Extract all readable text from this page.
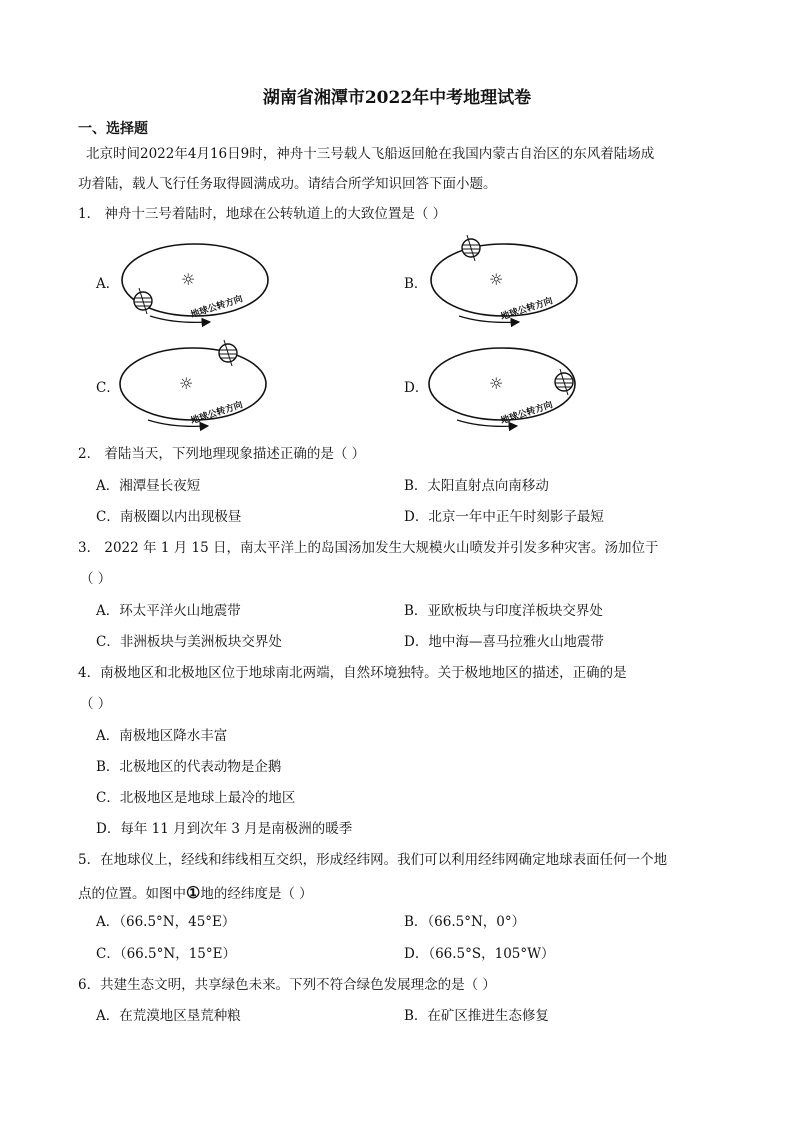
湖南省湘潭市2022年中考地理试卷
一、选择题
北京时间2022年4月16日9时，神舟十三号载人飞船返回舱在我国内蒙古自治区的东风着陆场成
功着陆，载人飞行任务取得圆满成功。请结合所学知识回答下面小题。
1． 神舟十三号着陆时，地球在公转轨道上的大致位置是（ ）
A．	B．
C．	D．
☼
地球公转方向
☼
地球公转方向
☼
地球公转方向
☼
地球公转方向
2． 着陆当天，下列地理现象描述正确的是（ ）
A．湘潭昼长夜短	B．太阳直射点向南移动
C．南极圈以内出现极昼	D．北京一年中正午时刻影子最短
3． 2022 年 1 月 15 日，南太平洋上的岛国汤加发生大规模火山喷发并引发多种灾害。汤加位于
（ ）
A．环太平洋火山地震带	B．亚欧板块与印度洋板块交界处
C．非洲板块与美洲板块交界处	D．地中海—喜马拉雅火山地震带
4．南极地区和北极地区位于地球南北两端，自然环境独特。关于极地地区的描述，正确的是
（ ）
A．南极地区降水丰富
B．北极地区的代表动物是企鹅
C．北极地区是地球上最冷的地区
D．每年 11 月到次年 3 月是南极洲的暖季
5．在地球仪上，经线和纬线相互交织，形成经纬网。我们可以利用经纬网确定地球表面任何一个地
点的位置。如图中①地的经纬度是（ ）
A．（66.5°N，45°E）	B．（66.5°N，0°）
C．（66.5°N，15°E）	D．（66.5°S，105°W）
6．共建生态文明，共享绿色未来。下列不符合绿色发展理念的是（ ）
A．在荒漠地区垦荒种粮	B．在矿区推进生态修复
